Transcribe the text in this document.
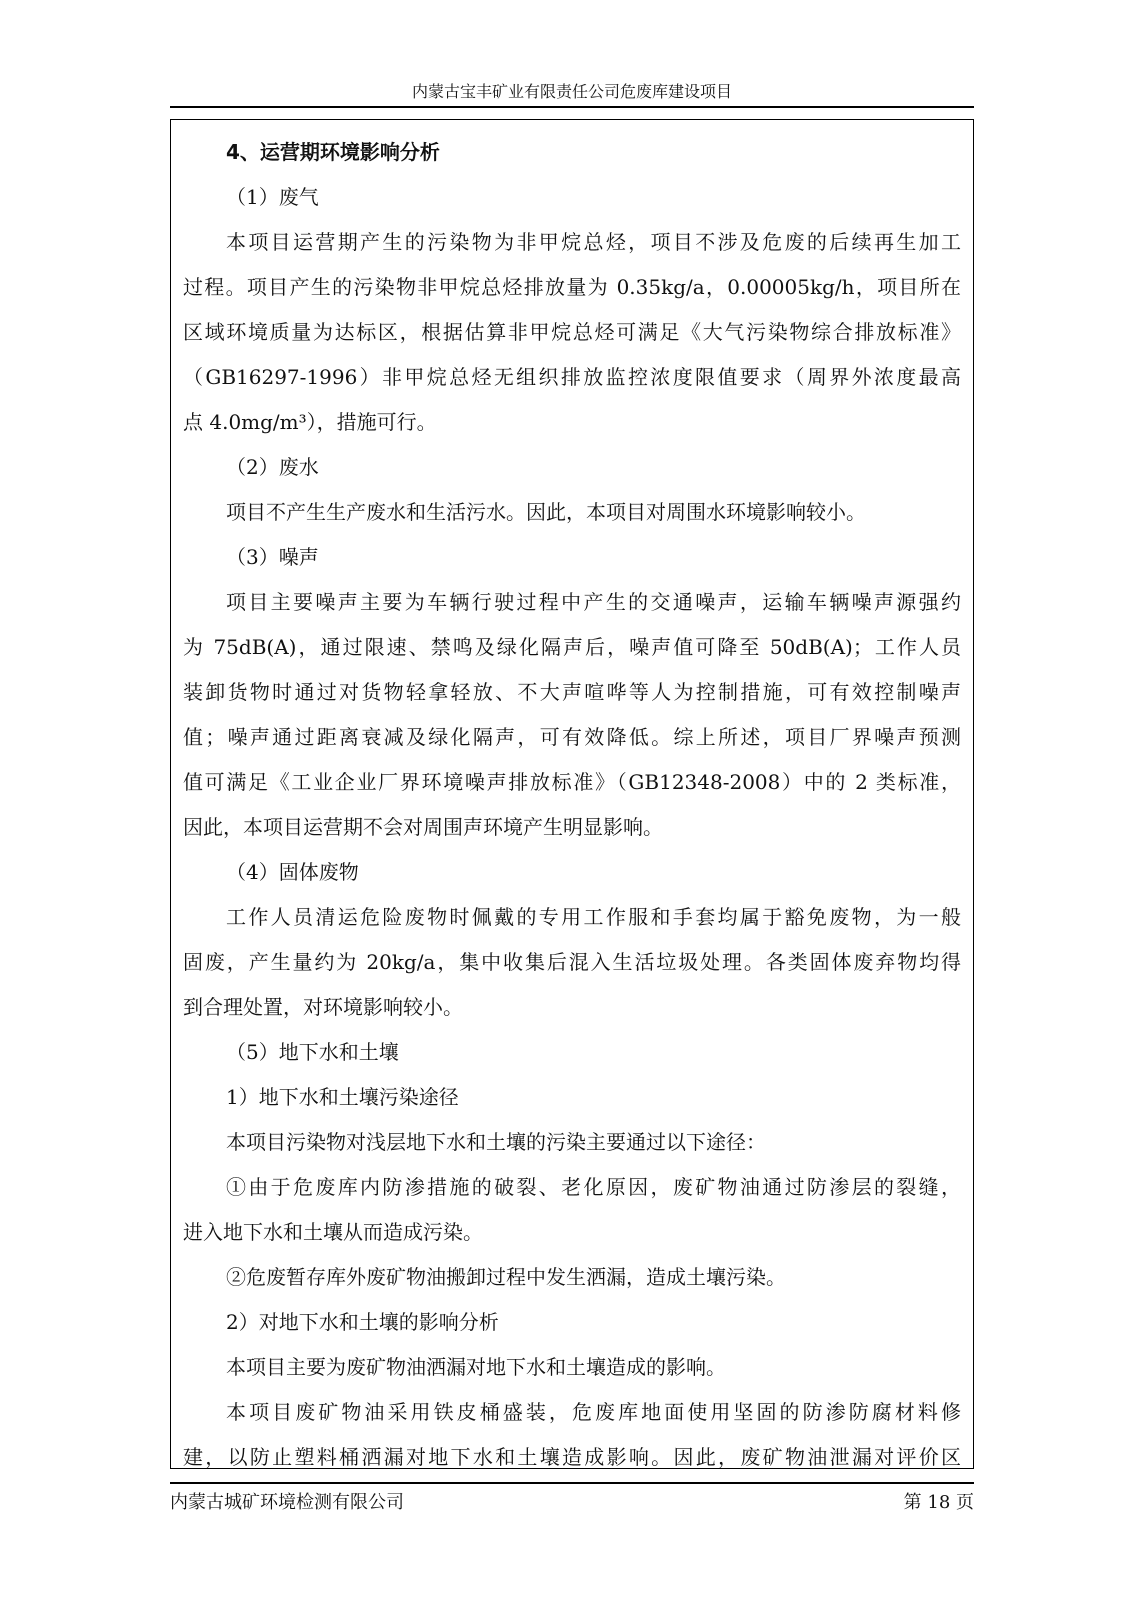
内蒙古宝丰矿业有限责任公司危废库建设项目
4、运营期环境影响分析
（1）废气
本项目运营期产生的污染物为非甲烷总烃，项目不涉及危废的后续再生加工
过程。项目产生的污染物非甲烷总烃排放量为 0.35kg/a，0.00005kg/h，项目所在
区域环境质量为达标区，根据估算非甲烷总烃可满足《大气污染物综合排放标准》
（GB16297-1996）非甲烷总烃无组织排放监控浓度限值要求（周界外浓度最高
点 4.0mg/m³），措施可行。
（2）废水
项目不产生生产废水和生活污水。因此，本项目对周围水环境影响较小。
（3）噪声
项目主要噪声主要为车辆行驶过程中产生的交通噪声，运输车辆噪声源强约
为 75dB(A)，通过限速、禁鸣及绿化隔声后，噪声值可降至 50dB(A)；工作人员
装卸货物时通过对货物轻拿轻放、不大声喧哗等人为控制措施，可有效控制噪声
值；噪声通过距离衰减及绿化隔声，可有效降低。综上所述，项目厂界噪声预测
值可满足《工业企业厂界环境噪声排放标准》（GB12348-2008）中的 2 类标准，
因此，本项目运营期不会对周围声环境产生明显影响。
（4）固体废物
工作人员清运危险废物时佩戴的专用工作服和手套均属于豁免废物，为一般
固废，产生量约为 20kg/a，集中收集后混入生活垃圾处理。各类固体废弃物均得
到合理处置，对环境影响较小。
（5）地下水和土壤
1）地下水和土壤污染途径
本项目污染物对浅层地下水和土壤的污染主要通过以下途径：
①由于危废库内防渗措施的破裂、老化原因，废矿物油通过防渗层的裂缝，
进入地下水和土壤从而造成污染。
②危废暂存库外废矿物油搬卸过程中发生洒漏，造成土壤污染。
2）对地下水和土壤的影响分析
本项目主要为废矿物油洒漏对地下水和土壤造成的影响。
本项目废矿物油采用铁皮桶盛装，危废库地面使用坚固的防渗防腐材料修
建，以防止塑料桶洒漏对地下水和土壤造成影响。因此，废矿物油泄漏对评价区
内蒙古城矿环境检测有限公司	第 18 页
